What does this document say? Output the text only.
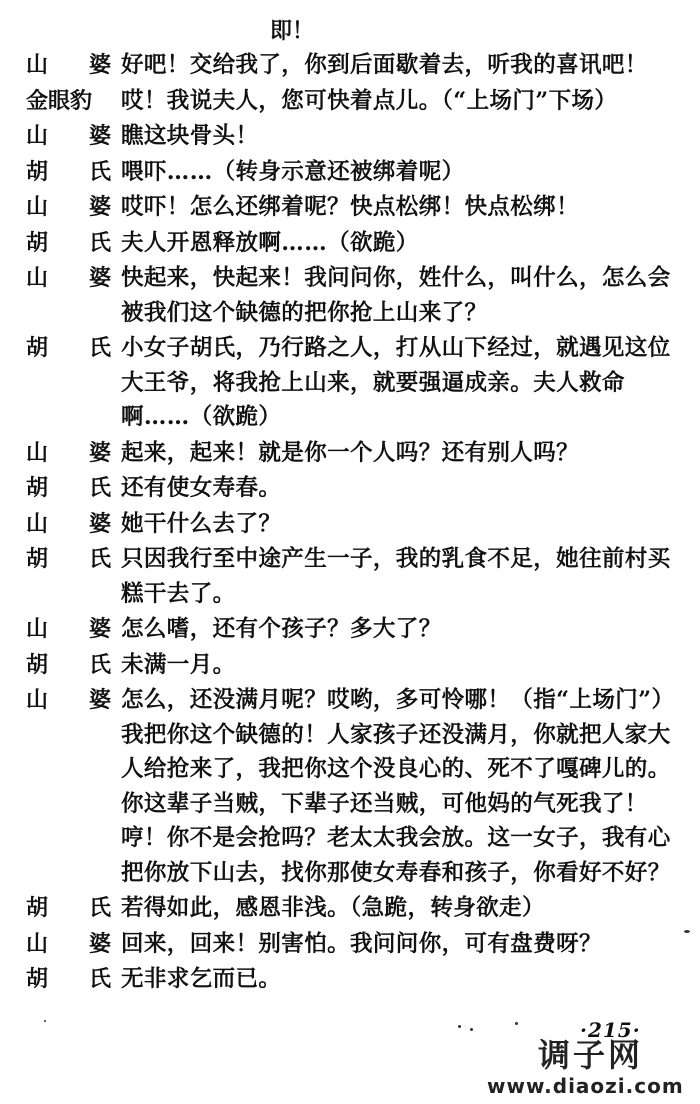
即！
山 婆 好吧！交给我了，你到后面歇着去，听我的喜讯吧！
金眼豹 哎！我说夫人，您可快着点儿。（“上场门”下场）
山 婆 瞧这块骨头！
胡 氏 喂吓……（转身示意还被绑着呢）
山 婆 哎吓！怎么还绑着呢？快点松绑！快点松绑！
胡 氏 夫人开恩释放啊……（欲跪）
山 婆 快起来，快起来！我问问你，姓什么，叫什么，怎么会被我们这个缺德的把你抢上山来了？
胡 氏 小女子胡氏，乃行路之人，打从山下经过，就遇见这位大王爷，将我抢上山来，就要强逼成亲。夫人救命啊……（欲跪）
山 婆 起来，起来！就是你一个人吗？还有别人吗？
胡 氏 还有使女寿春。
山 婆 她干什么去了？
胡 氏 只因我行至中途产生一子，我的乳食不足，她往前村买糕干去了。
山 婆 怎么嗜，还有个孩子？多大了？
胡 氏 未满一月。
山 婆 怎么，还没满月呢？哎哟，多可怜哪！（指“上场门”）我把你这个缺德的！人家孩子还没满月，你就把人家大人给抢来了，我把你这个没良心的、死不了嘎碑儿的。你这辈子当贼，下辈子还当贼，可他妈的气死我了！哼！你不是会抢吗？老太太我会放。这一女子，我有心把你放下山去，找你那使女寿春和孩子，你看好不好？
胡 氏 若得如此，感恩非浅。（急跪，转身欲走）
山 婆 回来，回来！别害怕。我问问你，可有盘费呀？
胡 氏 无非求乞而已。
·215·
调子网
www.diaozi.com
